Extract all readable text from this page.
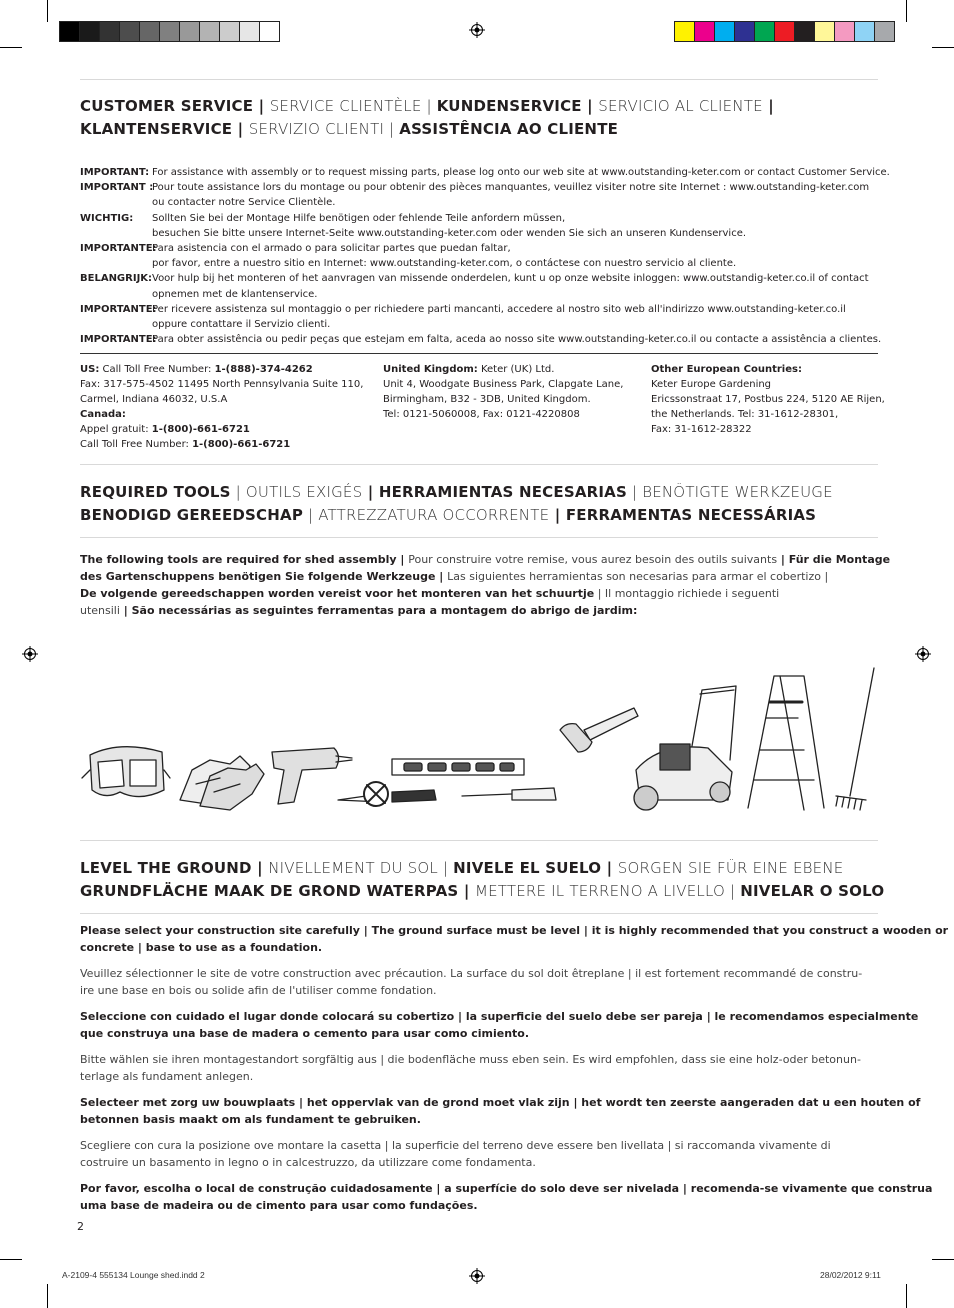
CUSTOMER SERVICE | SERVICE CLIENTÈLE | KUNDENSERVICE | SERVICIO AL CLIENTE |
KLANTENSERVICE | SERVIZIO CLIENTI | ASSISTÊNCIA AO CLIENTE
IMPORTANT: For assistance with assembly or to request missing parts, please log onto our web site at www.outstanding-keter.com or contact Customer Service.
IMPORTANT :Pour toute assistance lors du montage ou pour obtenir des pièces manquantes, veuillez visiter notre site Internet : www.outstanding-keter.com
ou contacter notre Service Clientèle.
WICHTIG: Sollten Sie bei der Montage Hilfe benötigen oder fehlende Teile anfordern müssen,
besuchen Sie bitte unsere Internet-Seite www.outstanding-keter.com oder wenden Sie sich an unseren Kundenservice.
IMPORTANTE:Para asistencia con el armado o para solicitar partes que puedan faltar,
por favor, entre a nuestro sitio en Internet: www.outstanding-keter.com, o contáctese con nuestro servicio al cliente.
BELANGRIJK:Voor hulp bij het monteren of het aanvragen van missende onderdelen, kunt u op onze website inloggen: www.outstandig-keter.co.il of contact
opnemen met de klantenservice.
IMPORTANTE:Per ricevere assistenza sul montaggio o per richiedere parti mancanti, accedere al nostro sito web all'indirizzo www.outstanding-keter.co.il
oppure contattare il Servizio clienti.
IMPORTANTE:Para obter assistência ou pedir peças que estejam em falta, aceda ao nosso site www.outstanding-keter.co.il ou contacte a assistência a clientes.
US: Call Toll Free Number: 1-(888)-374-4262
Fax: 317-575-4502 11495 North Pennsylvania Suite 110,
Carmel, Indiana 46032, U.S.A
Canada:
Appel gratuit: 1-(800)-661-6721
Call Toll Free Number: 1-(800)-661-6721
United Kingdom: Keter (UK) Ltd.
Unit 4, Woodgate Business Park, Clapgate Lane,
Birmingham, B32 - 3DB, United Kingdom.
Tel: 0121-5060008, Fax: 0121-4220808
Other European Countries:
Keter Europe Gardening
Ericssonstraat 17, Postbus 224, 5120 AE Rijen,
the Netherlands. Tel: 31-1612-28301,
Fax: 31-1612-28322
REQUIRED TOOLS | OUTILS EXIGÉS | HERRAMIENTAS NECESARIAS | BENÖTIGTE WERKZEUGE
BENODIGD GEREEDSCHAP | ATTREZZATURA OCCORRENTE | FERRAMENTAS NECESSÁRIAS
The following tools are required for shed assembly | Pour construire votre remise, vous aurez besoin des outils suivants | Für die Montage
des Gartenschuppens benötigen Sie folgende Werkzeuge | Las siguientes herramientas son necesarias para armar el cobertizo |
De volgende gereedschappen worden vereist voor het monteren van het schuurtje | Il montaggio richiede i seguenti
utensili | São necessárias as seguintes ferramentas para a montagem do abrigo de jardim:
LEVEL THE GROUND | NIVELLEMENT DU SOL | NIVELE EL SUELO | SORGEN SIE FÜR EINE EBENE
GRUNDFLÄCHE MAAK DE GROND WATERPAS | METTERE IL TERRENO A LIVELLO | NIVELAR O SOLO
Please select your construction site carefully | The ground surface must be level | it is highly recommended that you construct a wooden or
concrete | base to use as a foundation.
Veuillez sélectionner le site de votre construction avec précaution. La surface du sol doit êtreplane | il est fortement recommandé de constru-
ire une base en bois ou solide afin de l'utiliser comme fondation.
Seleccione con cuidado el lugar donde colocará su cobertizo | la superficie del suelo debe ser pareja | le recomendamos especialmente
que construya una base de madera o cemento para usar como cimiento.
Bitte wählen sie ihren montagestandort sorgfältig aus | die bodenfläche muss eben sein. Es wird empfohlen, dass sie eine holz-oder betonun-
terlage als fundament anlegen.
Selecteer met zorg uw bouwplaats | het oppervlak van de grond moet vlak zijn | het wordt ten zeerste aangeraden dat u een houten of
betonnen basis maakt om als fundament te gebruiken.
Scegliere con cura la posizione ove montare la casetta | la superficie del terreno deve essere ben livellata | si raccomanda vivamente di
costruire un basamento in legno o in calcestruzzo, da utilizzare come fondamenta.
Por favor, escolha o local de construção cuidadosamente | a superfície do solo deve ser nivelada | recomenda-se vivamente que construa
uma base de madeira ou de cimento para usar como fundações.
2
A-2109-4 555134 Lounge shed.indd 2	28/02/2012 9:11
